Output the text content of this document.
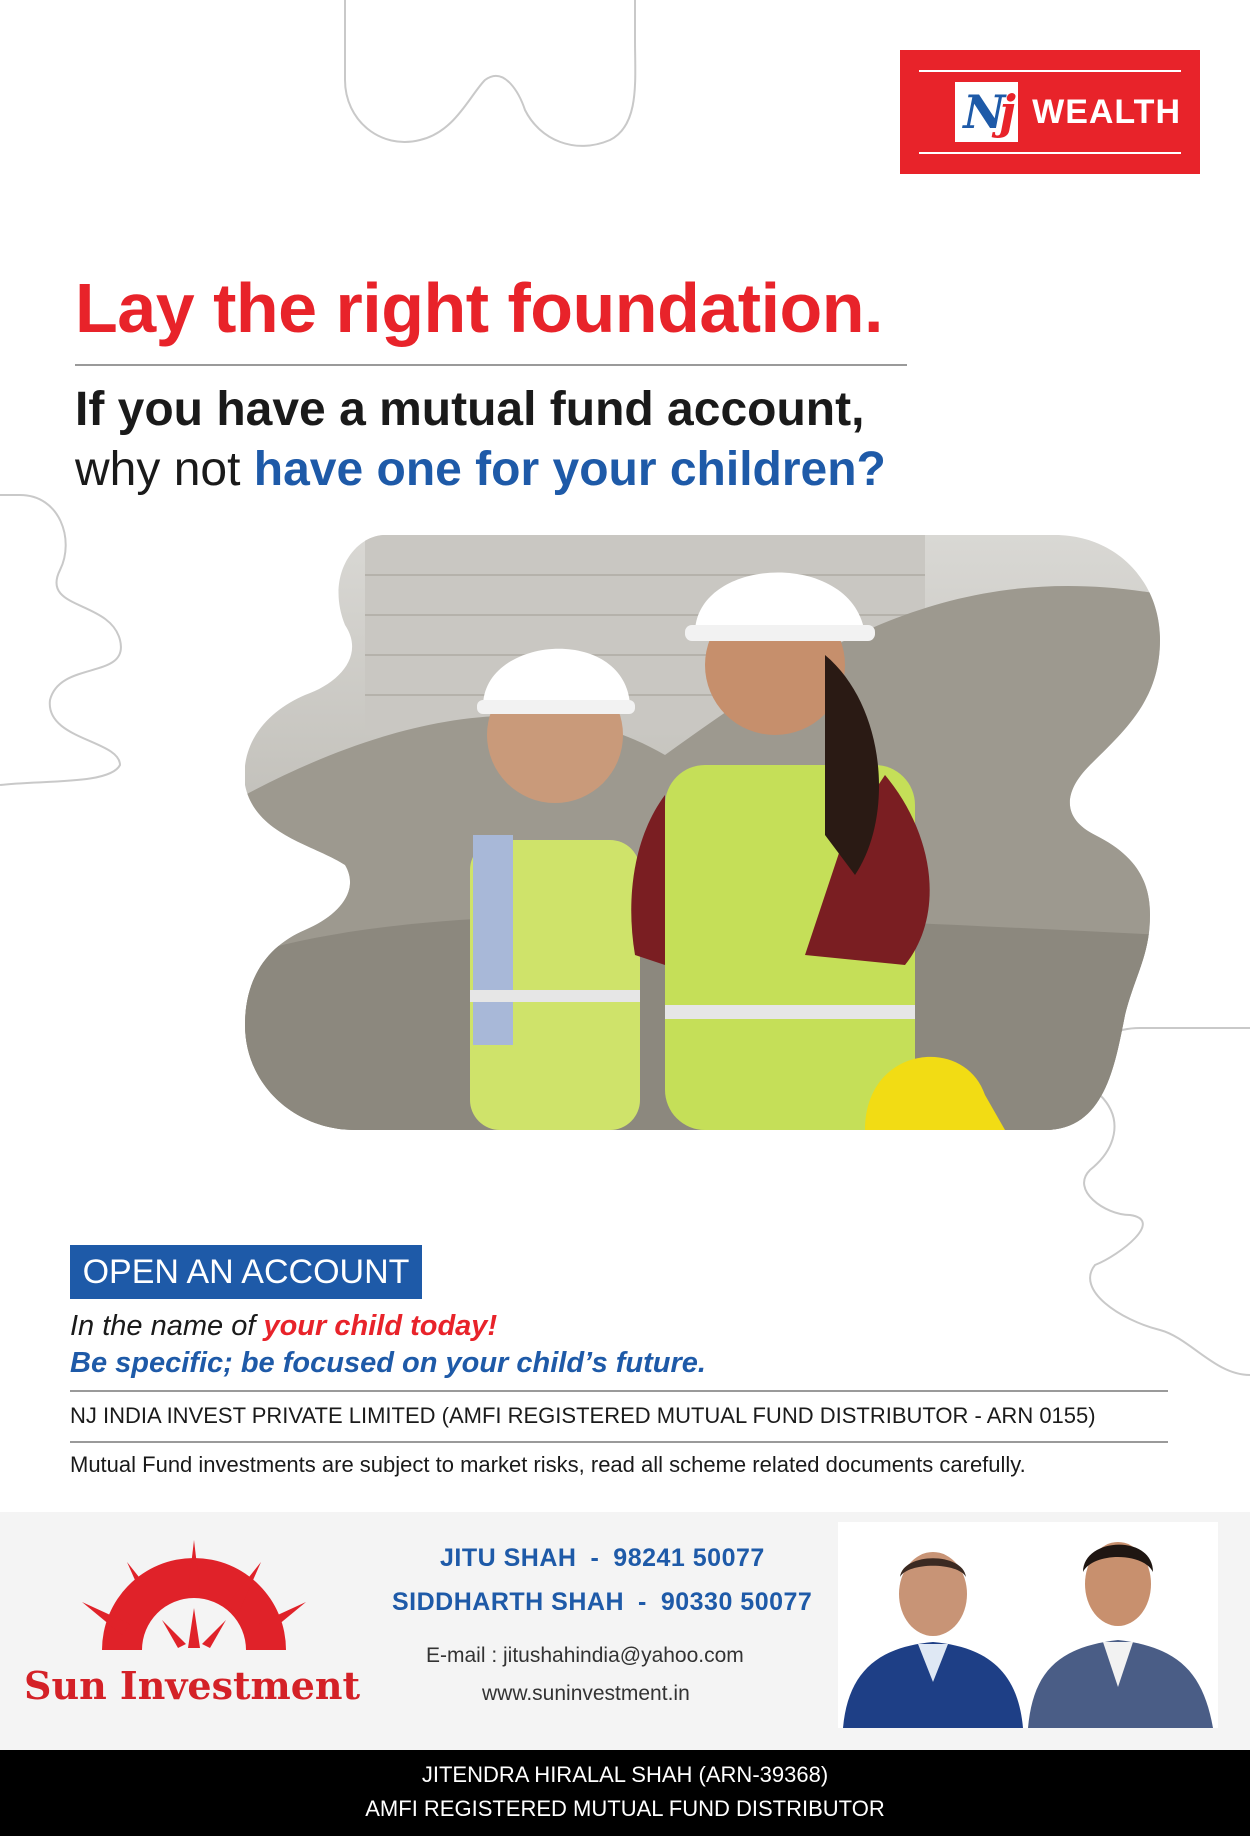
N j WEALTH
Lay the right foundation.
If you have a mutual fund account,
why not have one for your children?
OPEN AN ACCOUNT
In the name of your child today!
Be specific; be focused on your child’s future.
NJ INDIA INVEST PRIVATE LIMITED (AMFI REGISTERED MUTUAL FUND DISTRIBUTOR - ARN 0155)
Mutual Fund investments are subject to market risks, read all scheme related documents carefully.
Sun Investment
JITU SHAH - 98241 50077
SIDDHARTH SHAH - 90330 50077
E-mail : jitushahindia@yahoo.com
www.suninvestment.in
JITENDRA HIRALAL SHAH (ARN-39368)
AMFI REGISTERED MUTUAL FUND DISTRIBUTOR
